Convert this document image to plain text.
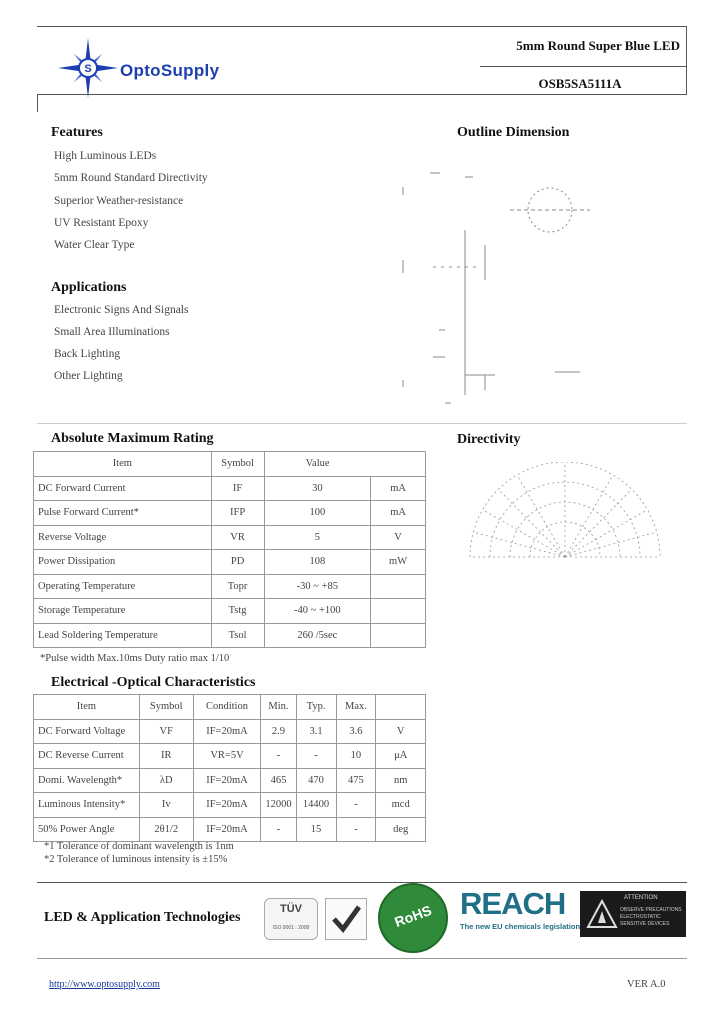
S OptoSupply
5mm Round Super Blue LED
OSB5SA5111A
Features
High Luminous LEDs
5mm Round Standard Directivity
Superior Weather-resistance
UV Resistant Epoxy
Water Clear Type
Applications
Electronic Signs And Signals
Small Area Illuminations
Back Lighting
Other Lighting
Outline Dimension
Directivity
Absolute Maximum Rating
Item	Symbol	Value	
DC Forward Current	IF	30	mA
Pulse Forward Current*	IFP	100	mA
Reverse Voltage	VR	5	V
Power Dissipation	PD	108	mW
Operating Temperature	Topr	-30 ~ +85	
Storage Temperature	Tstg	-40 ~ +100	
Lead Soldering Temperature	Tsol	260 /5sec	
*Pulse width Max.10ms Duty ratio max 1/10
Electrical -Optical Characteristics
Item	Symbol	Condition	Min.	Typ.	Max.	
DC Forward Voltage	VF	IF=20mA	2.9	3.1	3.6	V
DC Reverse Current	IR	VR=5V	-	-	10	μA
Domi. Wavelength*	λD	IF=20mA	465	470	475	nm
Luminous Intensity*	Iv	IF=20mA	12000	14400	-	mcd
50% Power Angle	2θ1/2	IF=20mA	-	15	-	deg
*1 Tolerance of dominant wavelength is 1nm
*2 Tolerance of luminous intensity is ±15%
LED & Application Technologies
TÜV
ISO 9001 : 2008	RoHS REACH
The new EU chemicals legislation
ATTENTION
OBSERVE PRECAUTIONS
ELECTROSTATIC
SENSITIVE DEVICES
http://www.optosupply.com	VER A.0
